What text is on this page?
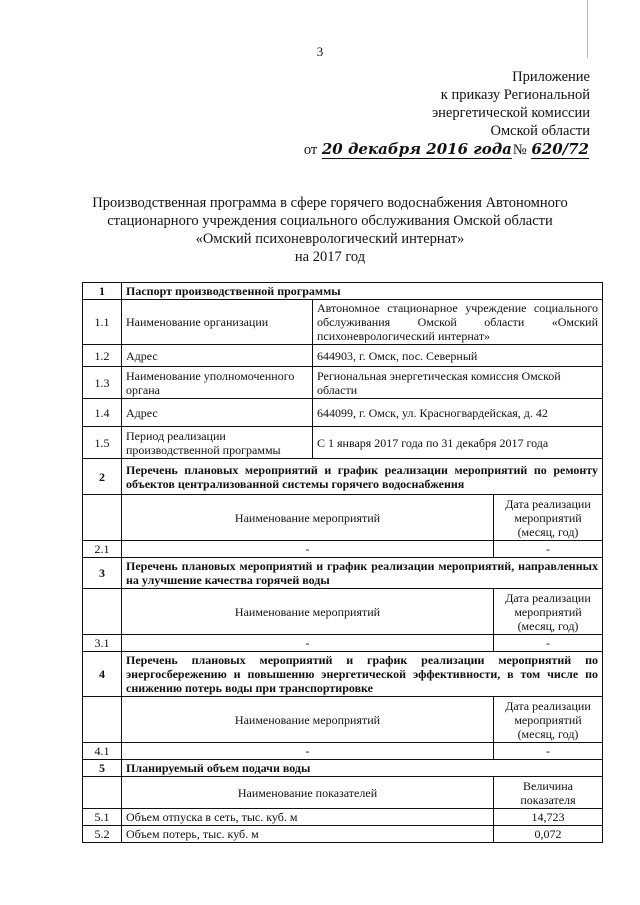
3
Приложение
к приказу Региональной
энергетической комиссии
Омской области
от 20 декабря 2016 года№ 620/72
Производственная программа в сфере горячего водоснабжения Автономного
стационарного учреждения социального обслуживания Омской области
«Омский психоневрологический интернат»
на 2017 год
1	Паспорт производственной программы		
1.1	Наименование организации	Автономное стационарное учреждение социального обслуживания Омской области «Омский психоневрологический интернат»	
1.2	Адрес	644903, г. Омск, пос. Северный	
1.3	Наименование уполномоченного органа	Региональная энергетическая комиссия Омской области	
1.4	Адрес	644099, г. Омск, ул. Красногвардейская, д. 42	
1.5	Период реализации производственной программы	С 1 января 2017 года по 31 декабря 2017 года	
2	Перечень плановых мероприятий и график реализации мероприятий по ремонту объектов централизованной системы горячего водоснабжения		
	Наименование мероприятий		Дата реализации мероприятий (месяц, год)
2.1	-		-
3	Перечень плановых мероприятий и график реализации мероприятий, направленных на улучшение качества горячей воды		
	Наименование мероприятий		Дата реализации мероприятий (месяц, год)
3.1	-		-
4	Перечень плановых мероприятий и график реализации мероприятий по энергосбережению и повышению энергетической эффективности, в том числе по снижению потерь воды при транспортировке		
	Наименование мероприятий		Дата реализации мероприятий (месяц, год)
4.1	-		-
5	Планируемый объем подачи воды		
	Наименование показателей		Величина показателя
5.1	Объем отпуска в сеть, тыс. куб. м		14,723
5.2	Объем потерь, тыс. куб. м		0,072
